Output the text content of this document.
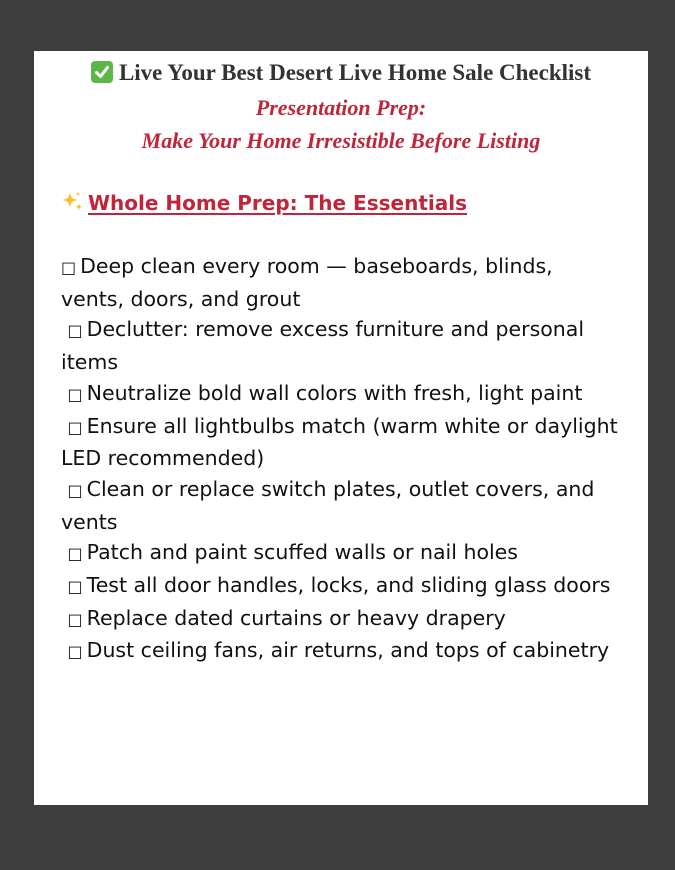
Live Your Best Desert Live Home Sale Checklist
Presentation Prep:
Make Your Home Irresistible Before Listing
Whole Home Prep: The Essentials
□ Deep clean every room — baseboards, blinds, vents, doors, and grout
□ Declutter: remove excess furniture and personal items
□ Neutralize bold wall colors with fresh, light paint
□ Ensure all lightbulbs match (warm white or daylight LED recommended)
□ Clean or replace switch plates, outlet covers, and vents
□ Patch and paint scuffed walls or nail holes
□ Test all door handles, locks, and sliding glass doors
□ Replace dated curtains or heavy drapery
□ Dust ceiling fans, air returns, and tops of cabinetry
